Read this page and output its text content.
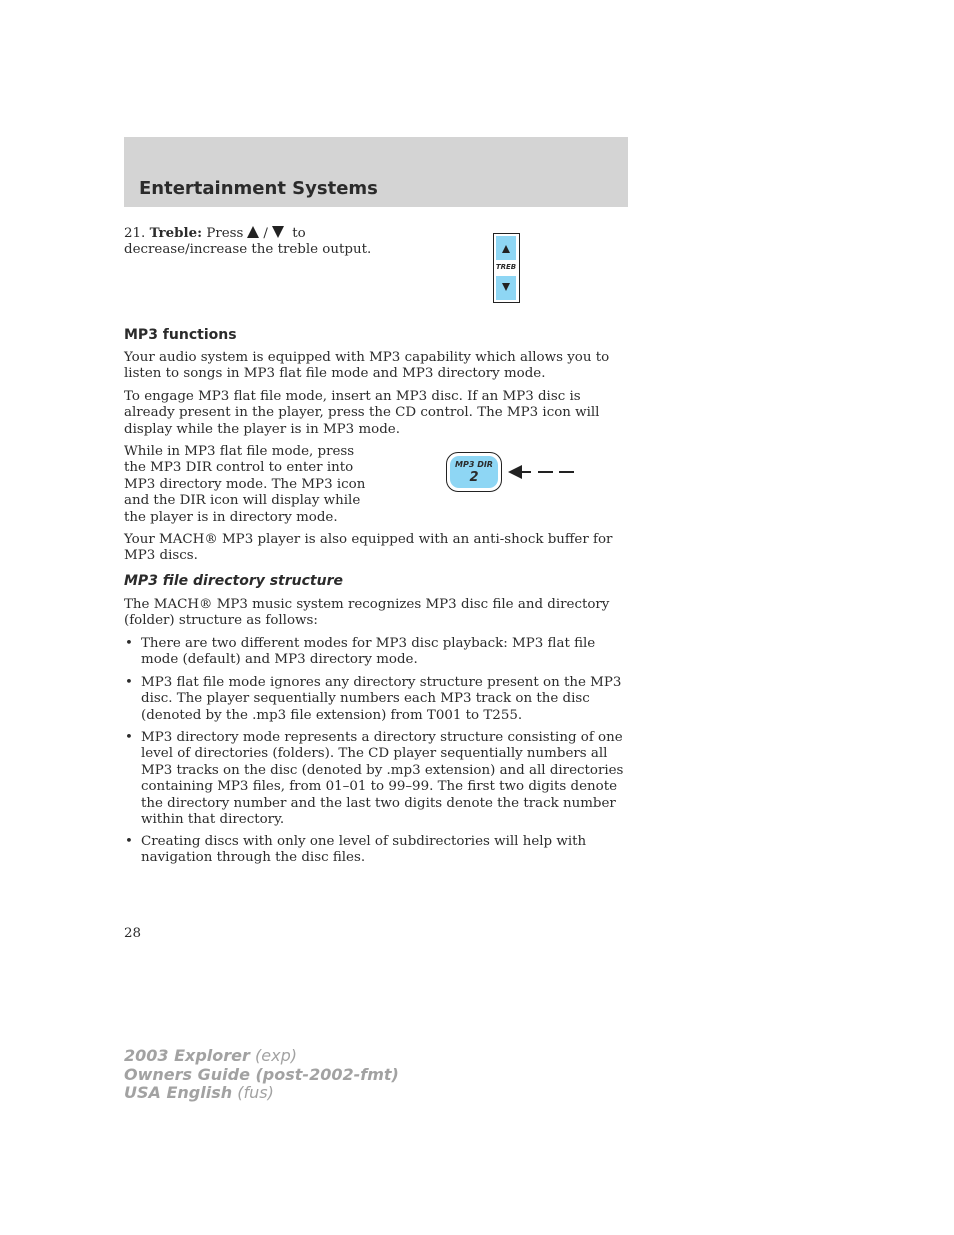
Entertainment Systems

21. Treble: Press / to
decrease/increase the treble output.

TREB
MP3 functions

Your audio system is equipped with MP3 capability which allows you to listen to songs in MP3 flat file mode and MP3 directory mode.

To engage MP3 flat file mode, insert an MP3 disc. If an MP3 disc is already present in the player, press the CD control. The MP3 icon will display while the player is in MP3 mode.

While in MP3 flat file mode, press the MP3 DIR control to enter into MP3 directory mode. The MP3 icon and the DIR icon will display while the player is in directory mode.

MP3 DIR
2

Your MACH® MP3 player is also equipped with an anti-shock buffer for MP3 discs.

MP3 file directory structure

The MACH® MP3 music system recognizes MP3 disc file and directory (folder) structure as follows:

• There are two different modes for MP3 disc playback: MP3 flat file mode (default) and MP3 directory mode.
• MP3 flat file mode ignores any directory structure present on the MP3 disc. The player sequentially numbers each MP3 track on the disc (denoted by the .mp3 file extension) from T001 to T255.
• MP3 directory mode represents a directory structure consisting of one level of directories (folders). The CD player sequentially numbers all MP3 tracks on the disc (denoted by .mp3 extension) and all directories containing MP3 files, from 01–01 to 99–99. The first two digits denote the directory number and the last two digits denote the track number within that directory.
• Creating discs with only one level of subdirectories will help with navigation through the disc files.
28
2003 Explorer (exp)
Owners Guide (post-2002-fmt)
USA English (fus)
